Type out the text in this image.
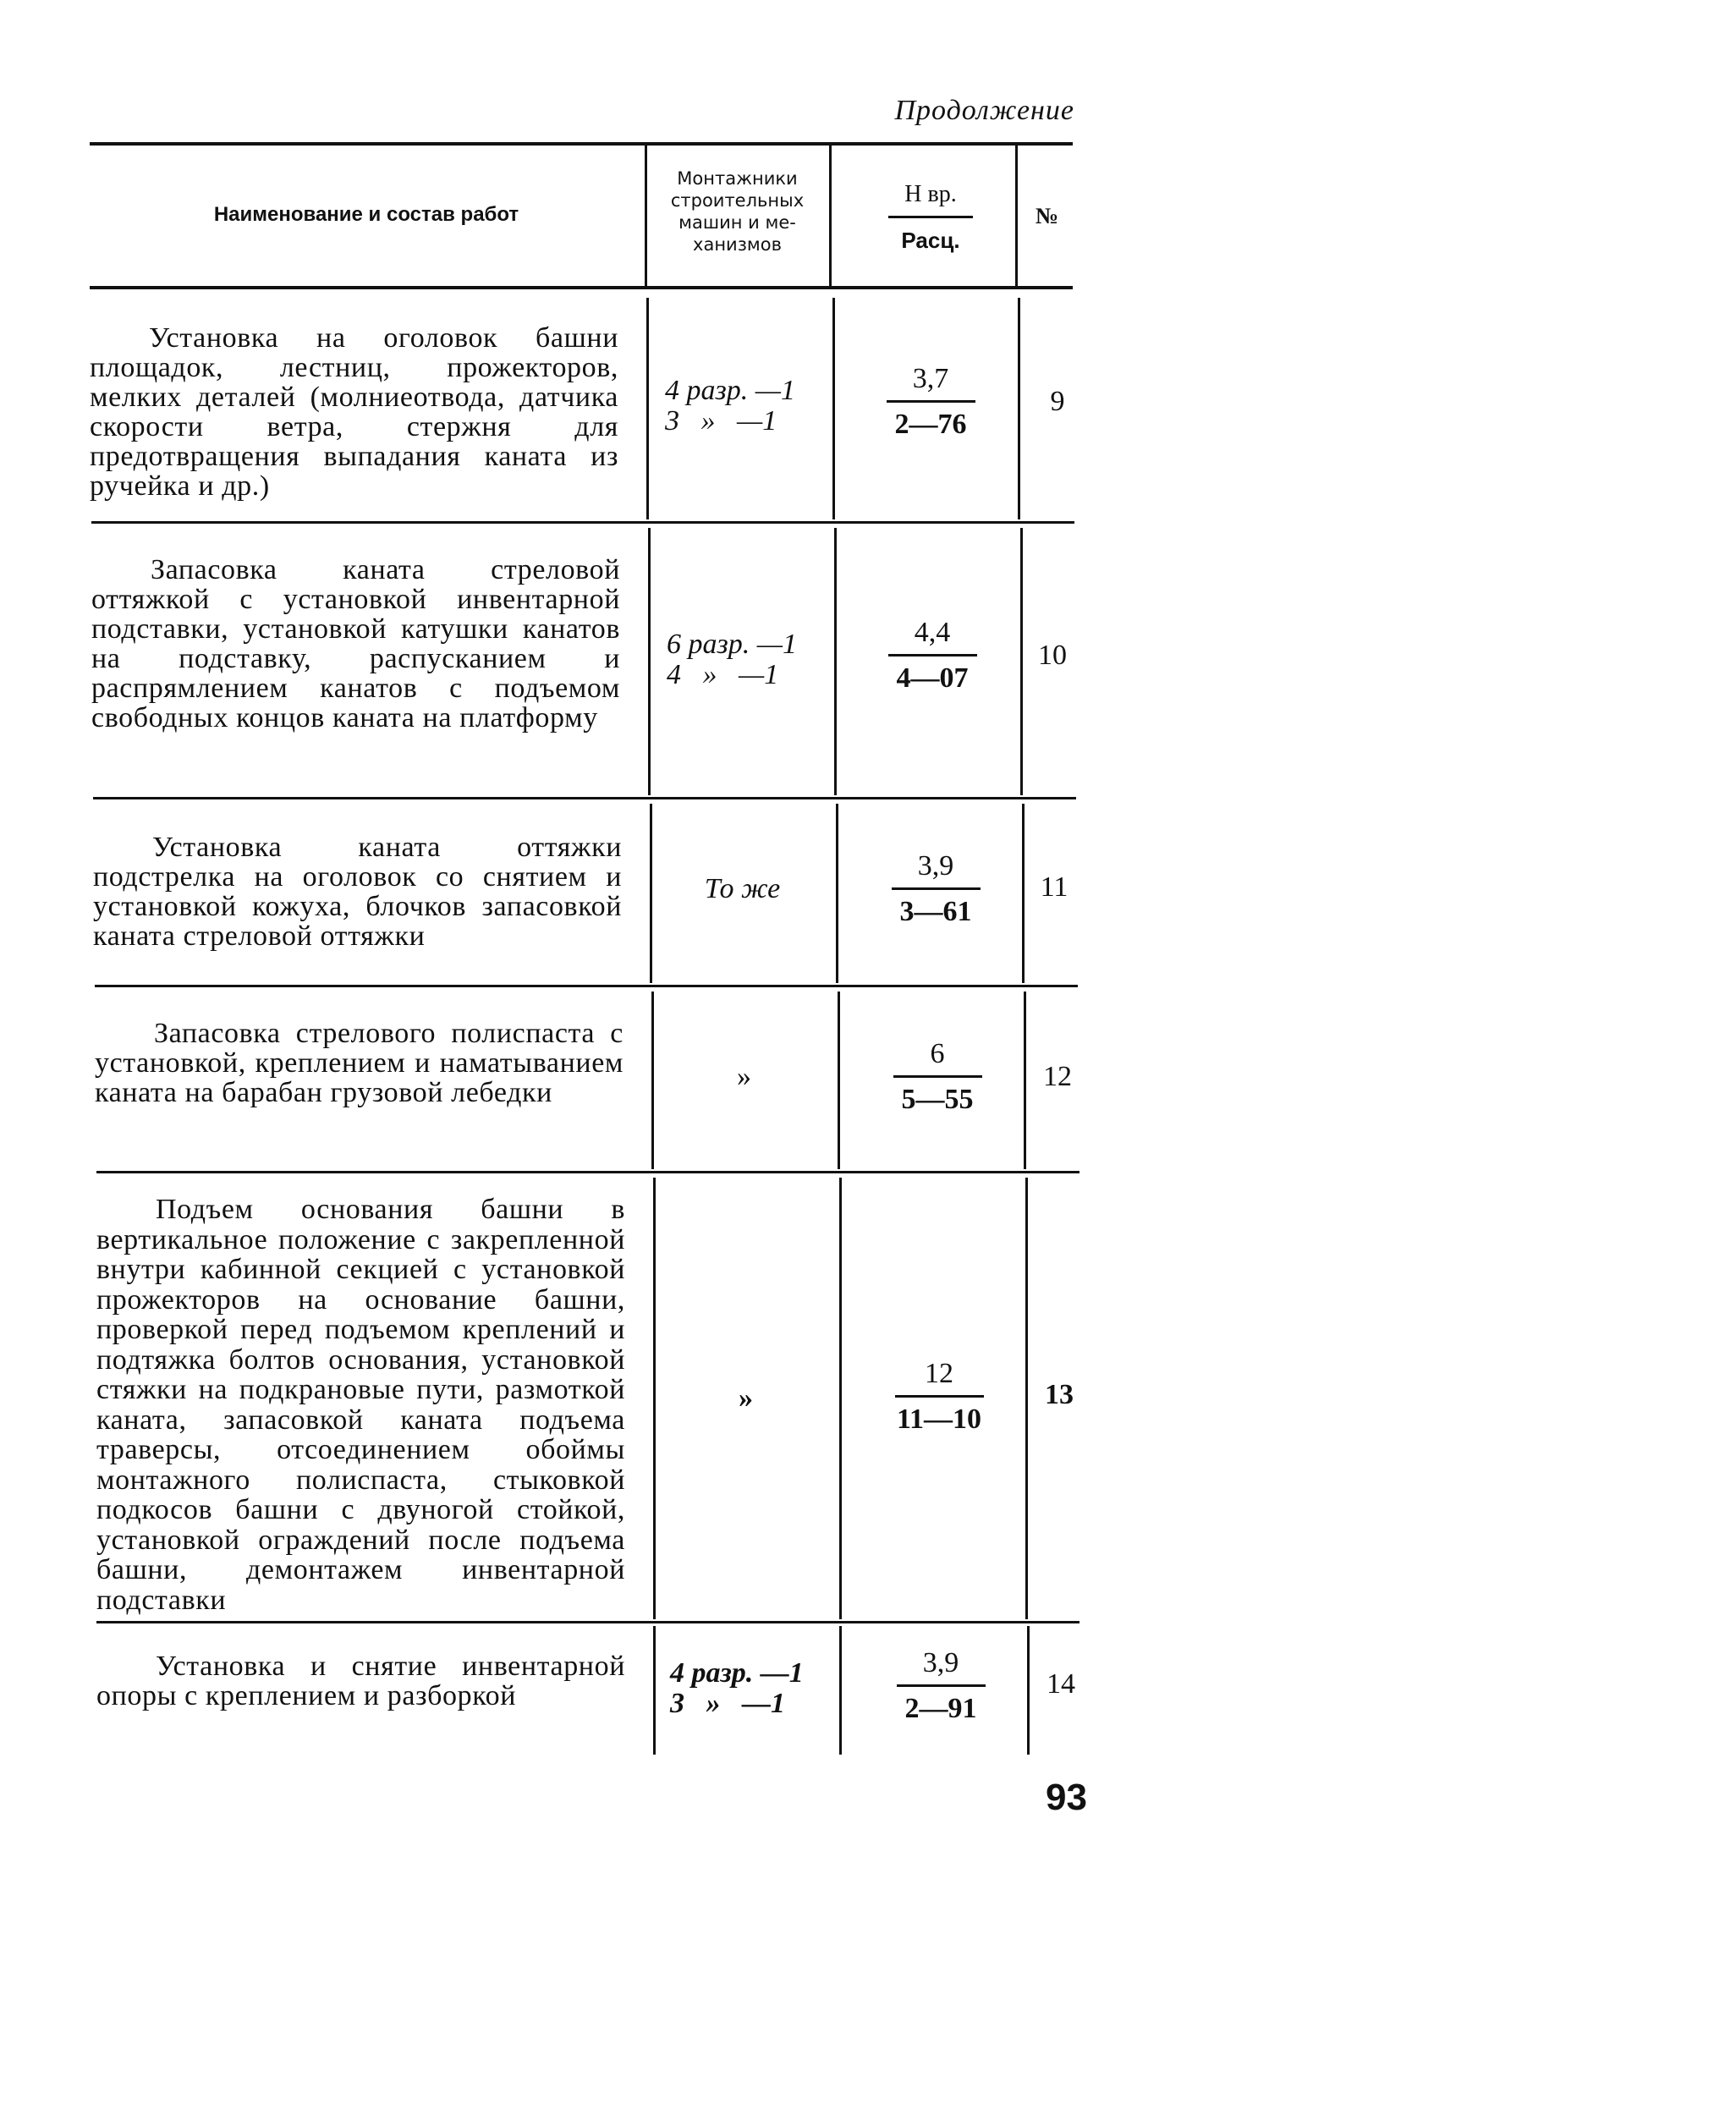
Продолжение
Наименование и состав работ
Монтажники
строительных
машин и ме-
ханизмов
Н вр.
Расц.
№
Установка на оголовок башни площадок, лестниц, прожекторов, мелких деталей (молниеотвода, датчика скорости ветра, стержня для предотвращения выпадания каната из ручейка и др.)
4 разр. —1
3   »   —1
3,7
2—76
9
Запасовка каната стреловой оттяжкой с установкой инвентарной подставки, установкой катушки канатов на подставку, распусканием и распрямлением канатов с подъемом свободных концов каната на платформу
6 разр. —1
4   »   —1
4,4
4—07
10
Установка каната оттяжки подстрелка на оголовок со снятием и установкой кожуха, блочков запасовкой каната стреловой оттяжки
То же
3,9
3—61
11
Запасовка стрелового полиспаста с установкой, креплением и наматыванием каната на барабан грузовой лебедки
»
6
5—55
12
Подъем основания башни в вертикальное положение с закрепленной внутри кабинной секцией с установкой прожекторов на основание башни, проверкой перед подъемом креплений и подтяжка болтов основания, установкой стяжки на подкрановые пути, размоткой каната, запасовкой каната подъема траверсы, отсоединением обоймы монтажного полиспаста, стыковкой подкосов башни с двуногой стойкой, установкой ограждений после подъема башни, демонтажем инвентарной подставки
»
12
11—10
13
Установка и снятие инвентарной опоры с креплением и разборкой
4 разр. —1
3   »   —1
3,9
2—91
14
93
